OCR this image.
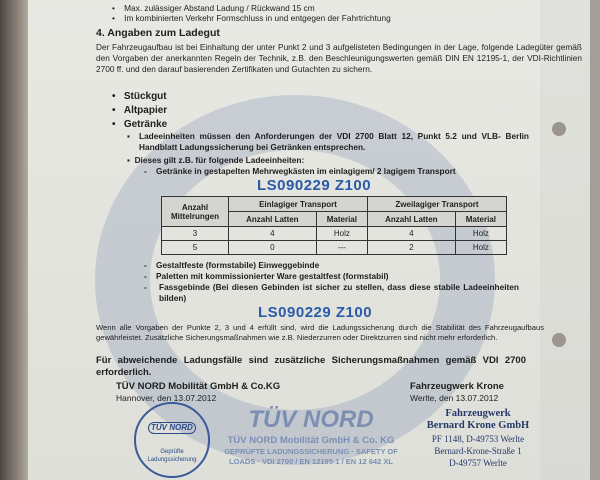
•    Max. zulässiger Abstand Ladung / Rückwand 15 cm
•    Im kombinierten Verkehr Formschluss in und entgegen der Fahrtrichtung
4. Angaben zum Ladegut
Der Fahrzeugaufbau ist bei Einhaltung der unter Punkt 2 und 3 aufgelisteten Bedingungen in der Lage, folgende Ladegüter gemäß den Vorgaben der anerkannten Regeln der Technik, z.B. den Beschleunigungswerten gemäß DIN EN 12195-1, der VDI-Richtlinien 2700 ff. und den darauf basierenden Zertifikaten und Gutachten zu sichern.
•   Stückgut
•   Altpapier
•   Getränke
▪ Ladeeinheiten müssen den Anforderungen der VDI 2700 Blatt 12, Punkt 5.2 und VLB- Berlin Handblatt Ladungssicherung bei Getränken entsprechen.
▪  Dieses gilt z.B. für folgende Ladeeinheiten:
-    Getränke in gestapelten Mehrwegkästen im einlagigem/ 2 lagigem Transport
LS090229 Z100
Anzahl Mittelrungen	Einlagiger Transport		Zweilagiger Transport	
	Anzahl Latten	Material	Anzahl Latten	Material
3	4	Holz	4	Holz
5	0	---	2	Holz
-    Gestaltfeste (formstabile) Einweggebinde
-    Paletten mit kommissionierter Ware gestaltfest (formstabil)
- Fassgebinde (Bei diesen Gebinden ist sicher zu stellen, dass diese stabile Ladeeinheiten bilden)
LS090229 Z100
Wenn alle Vorgaben der Punkte 2, 3 und 4 erfüllt sind, wird die Ladungssicherung durch die Stabilität des Fahrzeugaufbaus gewährleistet. Zusätzliche Sicherungsmaßnahmen wie z.B. Niederzurren oder Direktzurren sind nicht mehr erforderlich.
Für abweichende Ladungsfälle sind zusätzliche Sicherungsmaßnahmen gemäß VDI 2700 erforderlich.
TÜV NORD Mobilität GmbH & Co.KG
Hannover, den 13.07.2012
Fahrzeugwerk Krone
Werlte, den 13.07.2012
TÜV NORD
TÜV NORD Mobilität GmbH & Co. KG
GEPRÜFTE LADUNGSSICHERUNG · SAFETY OF LOADS · VDI 2700 / EN 12195-1 / EN 12 642 XL
TÜV NORD
Geprüfte Ladungssicherung
Fahrzeugwerk
Bernard Krone GmbH
PF 1148, D-49753 Werlte
Bernard-Krone-Straße 1
D-49757 Werlte
